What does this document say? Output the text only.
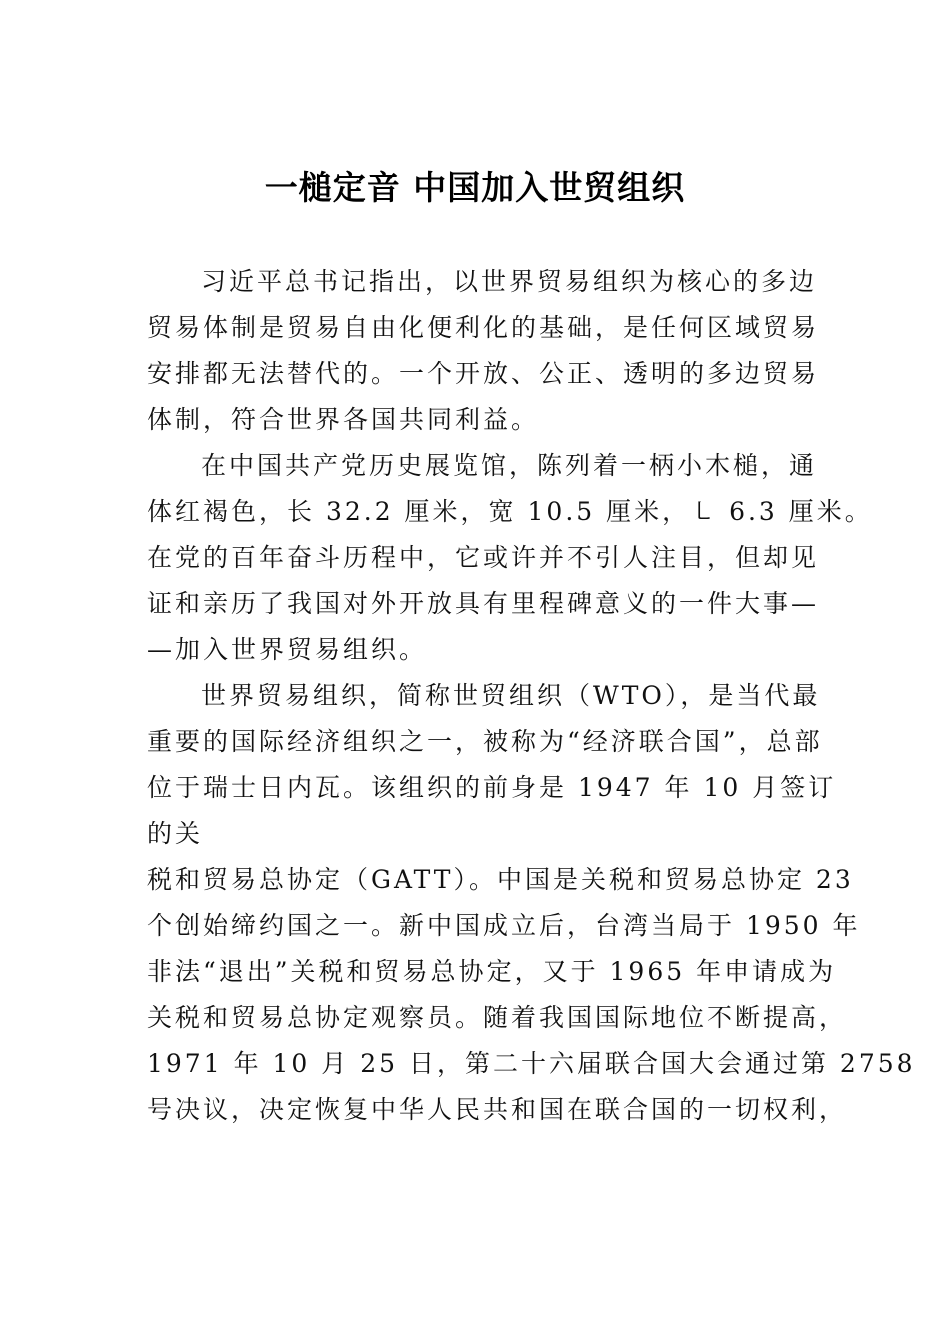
一槌定音 中国加入世贸组织
习近平总书记指出，以世界贸易组织为核心的多边
贸易体制是贸易自由化便利化的基础，是任何区域贸易
安排都无法替代的。一个开放、公正、透明的多边贸易
体制，符合世界各国共同利益。
在中国共产党历史展览馆，陈列着一柄小木槌，通
体红褐色，长 32.2 厘米，宽 10.5 厘米，㇄ 6.3 厘米。
在党的百年奋斗历程中，它或许并不引人注目，但却见
证和亲历了我国对外开放具有里程碑意义的一件大事—
—加入世界贸易组织。
世界贸易组织，简称世贸组织（WTO），是当代最
重要的国际经济组织之一，被称为“经济联合国”，总部
位于瑞士日内瓦。该组织的前身是 1947 年 10 月签订
的关
税和贸易总协定（GATT）。中国是关税和贸易总协定 23
个创始缔约国之一。新中国成立后，台湾当局于 1950 年
非法“退出”关税和贸易总协定，又于 1965 年申请成为
关税和贸易总协定观察员。随着我国国际地位不断提高，
1971 年 10 月 25 日，第二十六届联合国大会通过第 2758
号决议，决定恢复中华人民共和国在联合国的一切权利，
